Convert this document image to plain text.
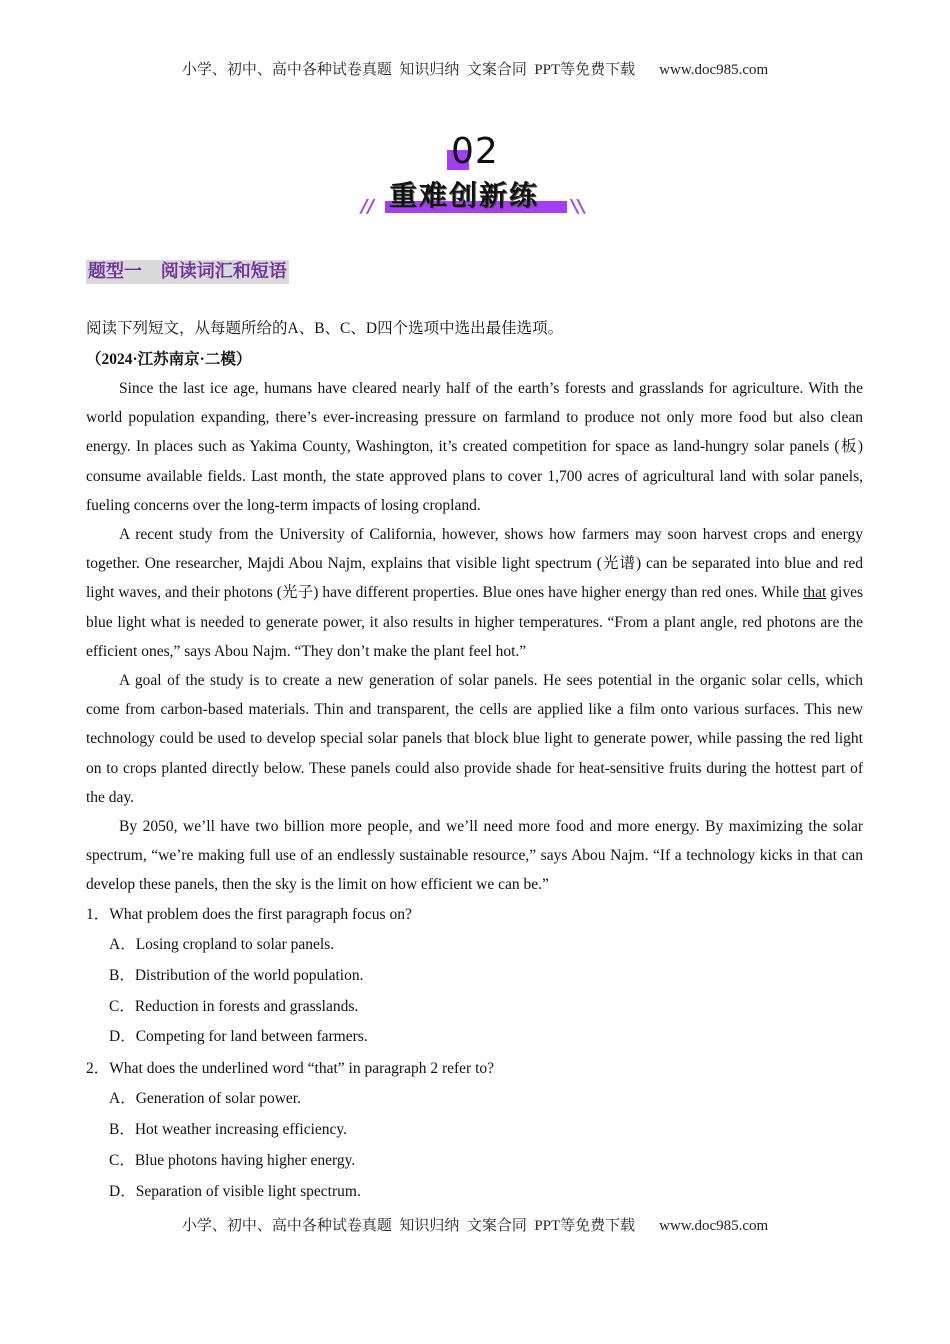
小学、初中、高中各种试卷真题  知识归纳  文案合同  PPT等免费下载 www.doc985.com
02
// 重难创新练 //
题型一   阅读词汇和短语
阅读下列短文，从每题所给的A、B、C、D四个选项中选出最佳选项。
（2024·江苏南京·二模）

Since the last ice age, humans have cleared nearly half of the earth’s forests and grasslands for agriculture. With the world population expanding, there’s ever-increasing pressure on farmland to produce not only more food but also clean energy. In places such as Yakima County, Washington, it’s created competition for space as land-hungry solar panels (板) consume available fields. Last month, the state approved plans to cover 1,700 acres of agricultural land with solar panels, fueling concerns over the long-term impacts of losing cropland.

A recent study from the University of California, however, shows how farmers may soon harvest crops and energy together. One researcher, Majdi Abou Najm, explains that visible light spectrum (光谱) can be separated into blue and red light waves, and their photons (光子) have different properties. Blue ones have higher energy than red ones. While that gives blue light what is needed to generate power, it also results in higher temperatures. “From a plant angle, red photons are the efficient ones,” says Abou Najm. “They don’t make the plant feel hot.”

A goal of the study is to create a new generation of solar panels. He sees potential in the organic solar cells, which come from carbon-based materials. Thin and transparent, the cells are applied like a film onto various surfaces. This new technology could be used to develop special solar panels that block blue light to generate power, while passing the red light on to crops planted directly below. These panels could also provide shade for heat-sensitive fruits during the hottest part of the day.

By 2050, we’ll have two billion more people, and we’ll need more food and more energy. By maximizing the solar spectrum, “we’re making full use of an endlessly sustainable resource,” says Abou Najm. “If a technology kicks in that can develop these panels, then the sky is the limit on how efficient we can be.”

1．What problem does the first paragraph focus on?
A．Losing cropland to solar panels.
B．Distribution of the world population.
C．Reduction in forests and grasslands.
D．Competing for land between farmers.
2．What does the underlined word “that” in paragraph 2 refer to?
A．Generation of solar power.
B．Hot weather increasing efficiency.
C．Blue photons having higher energy.
D．Separation of visible light spectrum.
小学、初中、高中各种试卷真题  知识归纳  文案合同  PPT等免费下载 www.doc985.com
